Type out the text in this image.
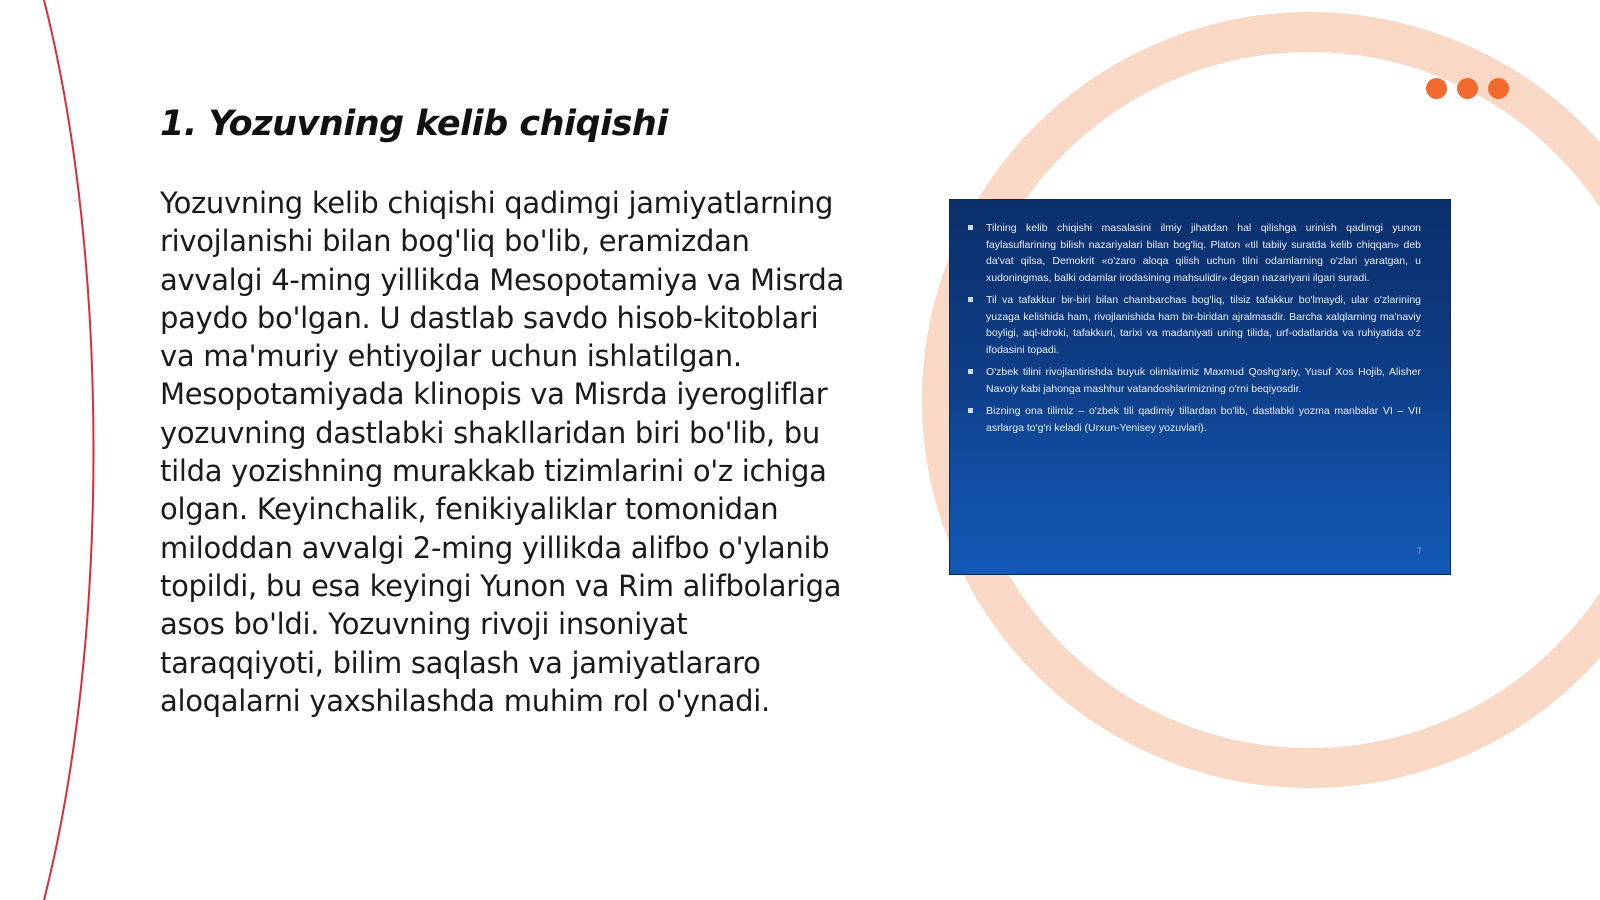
1. Yozuvning kelib chiqishi

Yozuvning kelib chiqishi qadimgi jamiyatlarning rivojlanishi bilan bog'liq bo'lib, eramizdan avvalgi 4-ming yillikda Mesopotamiya va Misrda paydo bo'lgan. U dastlab savdo hisob-kitoblari va ma'muriy ehtiyojlar uchun ishlatilgan. Mesopotamiyada klinopis va Misrda iyerogliflar yozuvning dastlabki shakllaridan biri bo'lib, bu tilda yozishning murakkab tizimlarini o'z ichiga olgan. Keyinchalik, fenikiyaliklar tomonidan miloddan avvalgi 2-ming yillikda alifbo o'ylanib topildi, bu esa keyingi Yunon va Rim alifbolariga asos bo'ldi. Yozuvning rivoji insoniyat taraqqiyoti, bilim saqlash va jamiyatlararo aloqalarni yaxshilashda muhim rol o'ynadi.

Tilning kelib chiqishi masalasini ilmiy jihatdan hal qilishga urinish qadimgi yunon faylasuflarining bilish nazariyalari bilan bog'liq. Platon «til tabiiy suratda kelib chiqqan» deb da'vat qilsa, Demokrit «o'zaro aloqa qilish uchun tilni odamlarning o'zlari yaratgan, u xudoningmas, balki odamlar irodasining mahsulidir» degan nazariyani ilgari suradi.
Til va tafakkur bir-biri bilan chambarchas bog'liq, tilsiz tafakkur bo'lmaydi, ular o'zlarining yuzaga kelishida ham, rivojlanishida ham bir-biridan ajralmasdir. Barcha xalqlarning ma'naviy boyligi, aql-idroki, tafakkuri, tarixi va madaniyati uning tilida, urf-odatlarida va ruhiyatida o'z ifodasini topadi.
O'zbek tilini rivojlantirishda buyuk olimlarimiz Maxmud Qoshg'ariy, Yusuf Xos Hojib, Alisher Navoiy kabi jahonga mashhur vatandoshlarimizning o'rni beqiyosdir.
Bizning ona tilimiz – o'zbek tili qadimiy tillardan bo'lib, dastlabki yozma manbalar VI – VII asrlarga to'g'ri keladi (Urxun-Yenisey yozuvlari).
7
